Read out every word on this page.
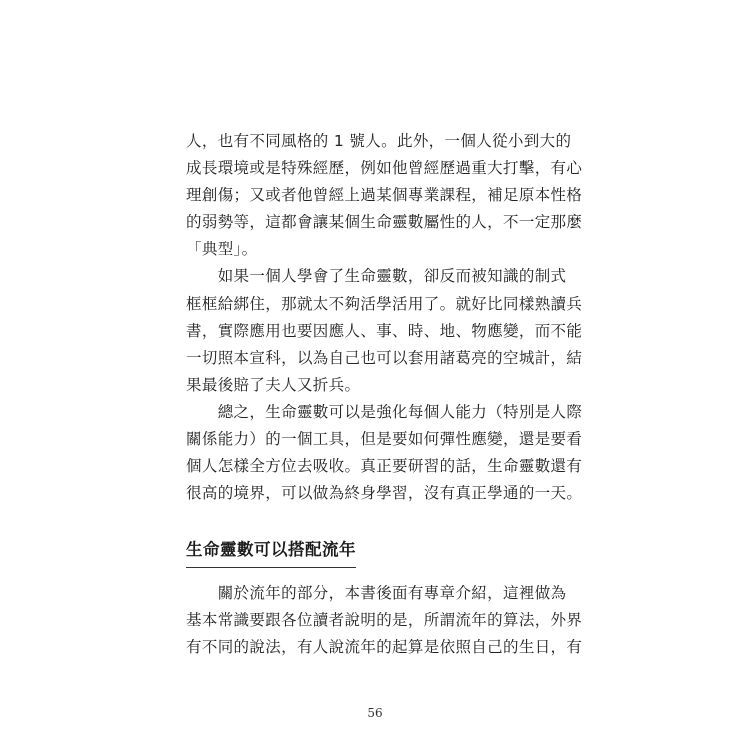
人，也有不同風格的 1 號人。此外，一個人從小到大的
成長環境或是特殊經歷，例如他曾經歷過重大打擊，有心
理創傷；又或者他曾經上過某個專業課程，補足原本性格
的弱勢等，這都會讓某個生命靈數屬性的人，不一定那麼
「典型」。
　　如果一個人學會了生命靈數，卻反而被知識的制式
框框給綁住，那就太不夠活學活用了。就好比同樣熟讀兵
書，實際應用也要因應人、事、時、地、物應變，而不能
一切照本宣科，以為自己也可以套用諸葛亮的空城計，結
果最後賠了夫人又折兵。
　　總之，生命靈數可以是強化每個人能力（特別是人際
關係能力）的一個工具，但是要如何彈性應變，還是要看
個人怎樣全方位去吸收。真正要研習的話，生命靈數還有
很高的境界，可以做為終身學習，沒有真正學通的一天。
生命靈數可以搭配流年
　　關於流年的部分，本書後面有專章介紹，這裡做為
基本常識要跟各位讀者說明的是，所謂流年的算法，外界
有不同的說法，有人說流年的起算是依照自己的生日，有
56
